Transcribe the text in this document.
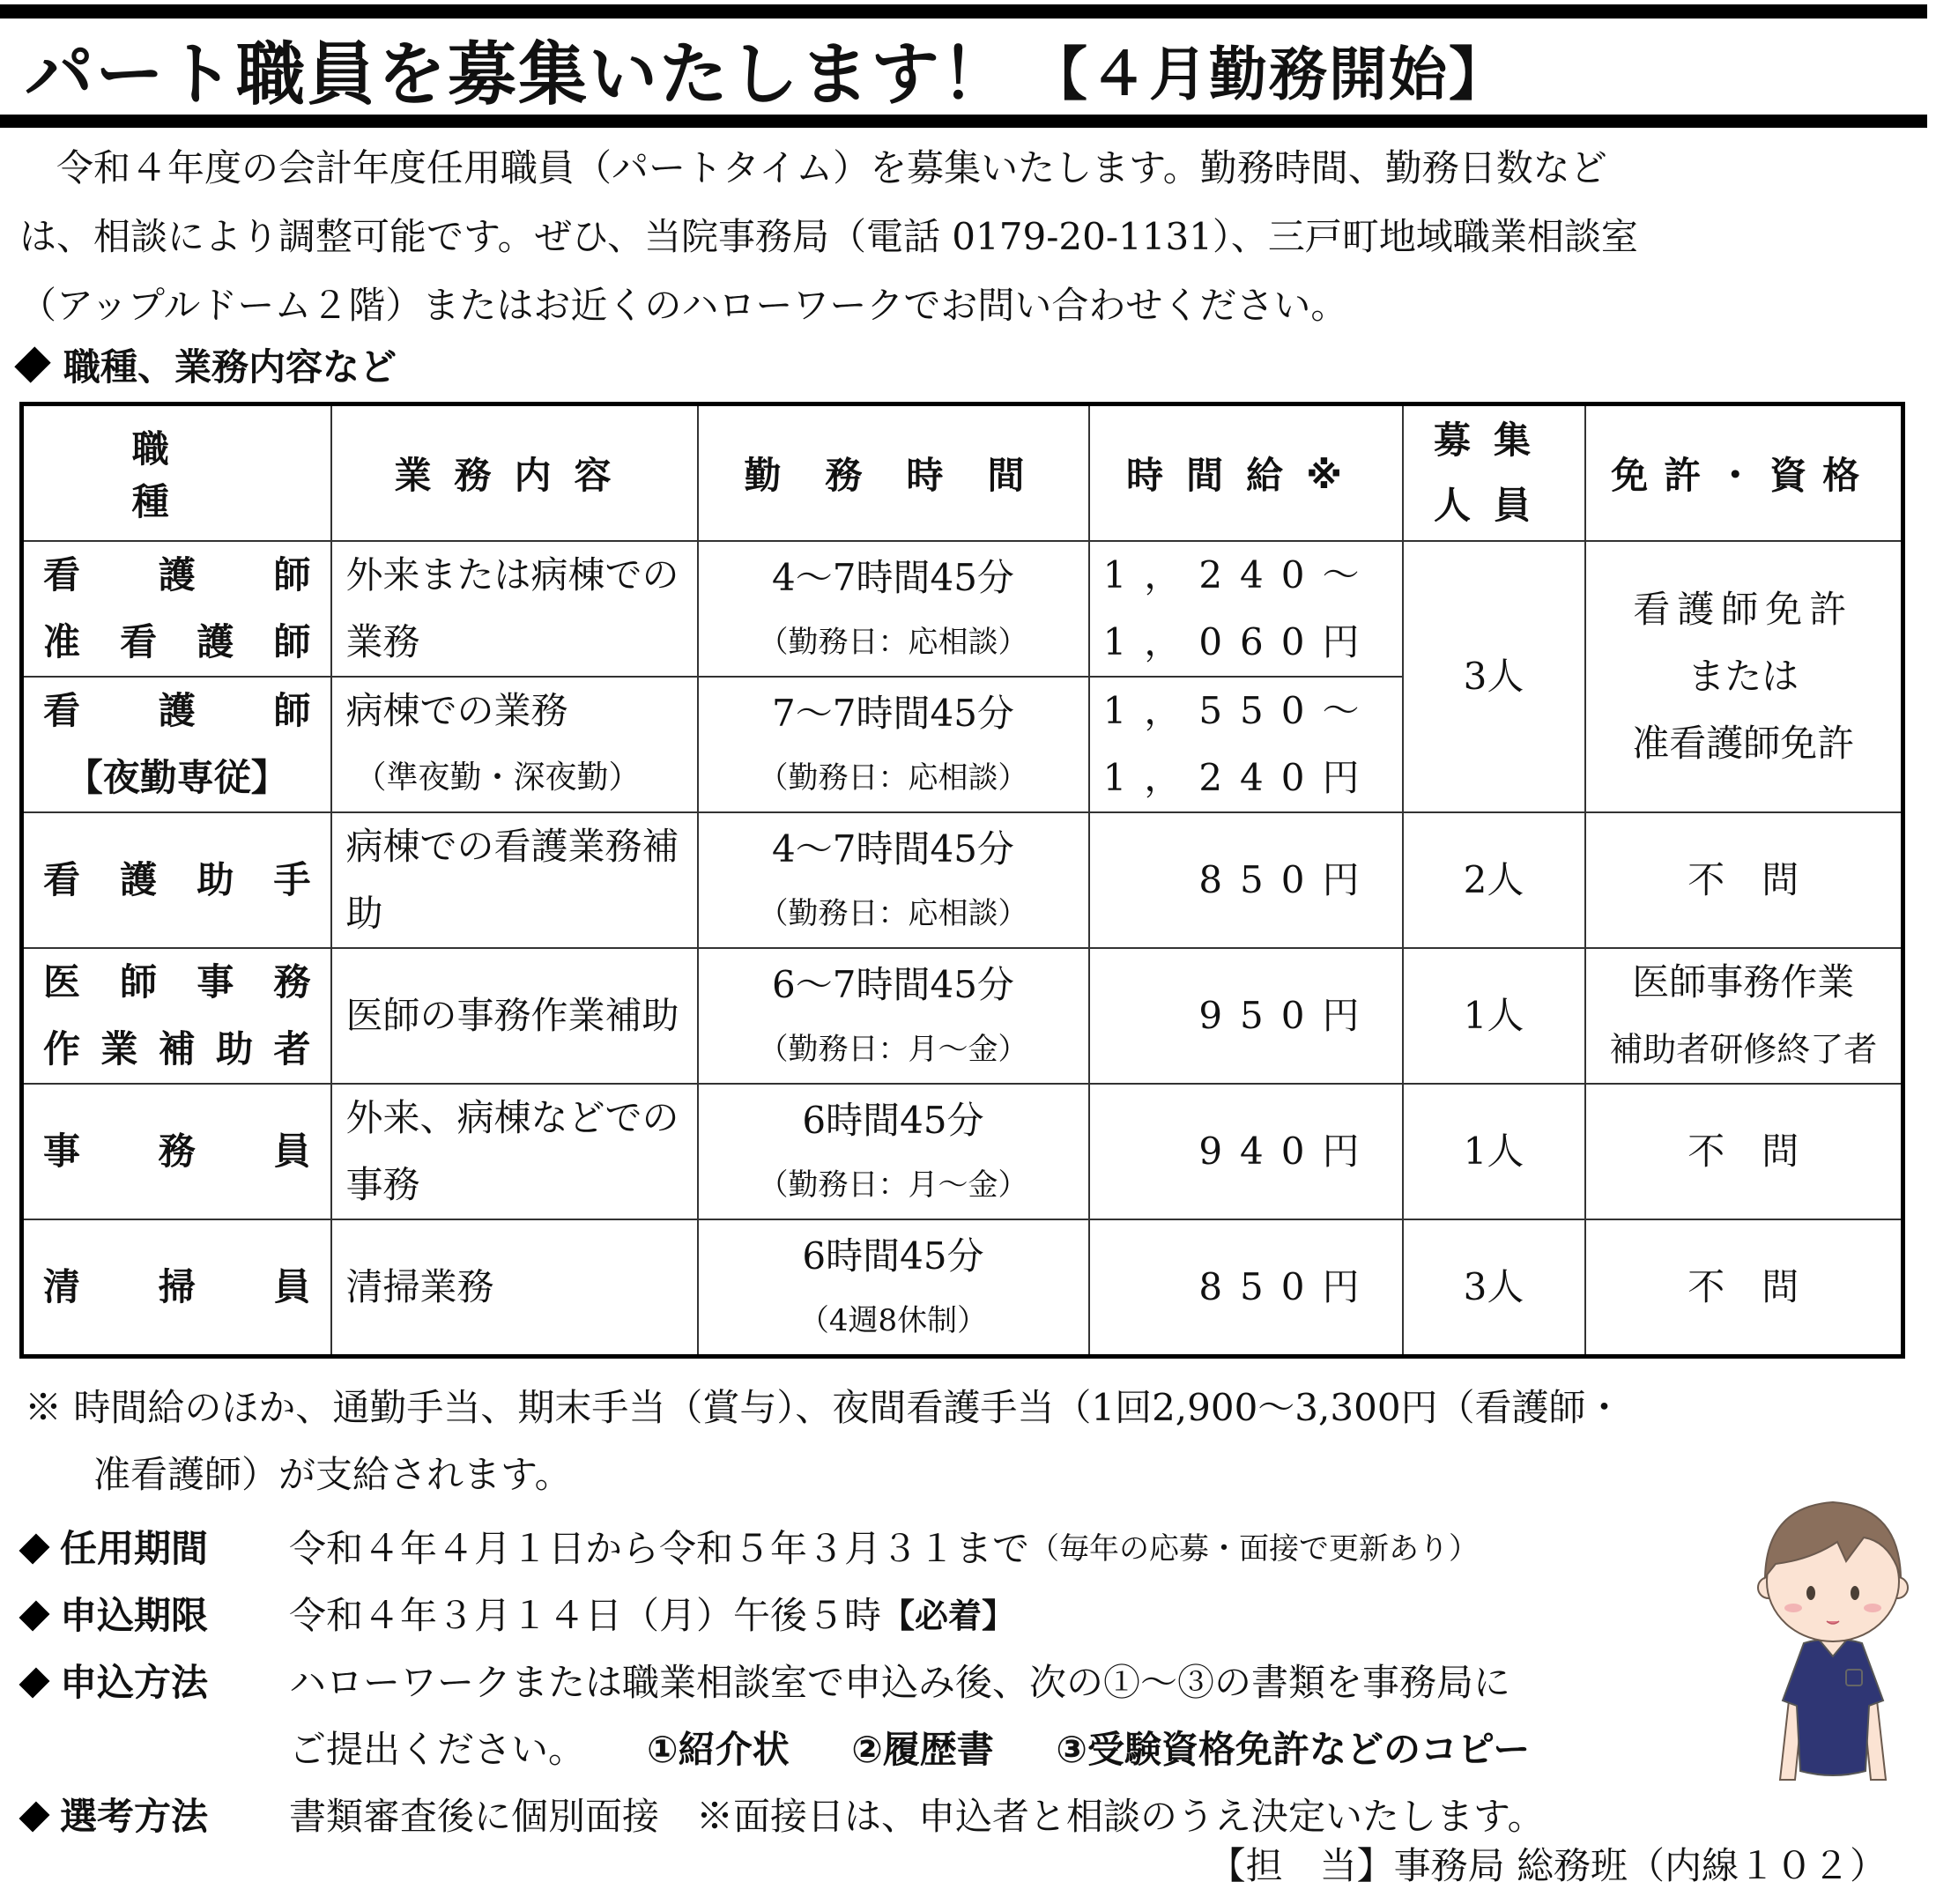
パート職員を募集いたします！ 【４月勤務開始】

　令和４年度の会計年度任用職員（パートタイム）を募集いたします。勤務時間、勤務日数など

は、相談により調整可能です。ぜひ、当院事務局（電話 0179-20-1131）、三戸町地域職業相談室

（アップルドーム２階）またはお近くのハローワークでお問い合わせください。

職種、業務内容など
職種	業務内容	勤務時間	時間給※	募集
人員	免許・資格

看　護　師
准看護師	外来または病棟での業務	4～7時間45分
（勤務日：応相談）	1，240～
1，060円	3人	看護師免許
または
准看護師免許

看　護　師
【夜勤専従】	病棟での業務
（準夜勤・深夜勤）	7～7時間45分
（勤務日：応相談）	1，550～
1，240円		

看護助手	病棟での看護業務補助	4～7時間45分
（勤務日：応相談）	850円	2人	不　問

医師事務
作業補助者	医師の事務作業補助	6～7時間45分
（勤務日：月～金）	950円	1人	医師事務作業
補助者研修終了者

事　務　員	外来、病棟などでの事務	6時間45分
（勤務日：月～金）	940円	1人	不　問

清　掃　員	清掃業務	6時間45分
（4週8休制）	850円	3人	不　問
※ 時間給のほか、通勤手当、期末手当（賞与）、夜間看護手当（1回2,900～3,300円（看護師・
准看護師）が支給されます。
任用期間 令和４年４月１日から令和５年３月３１まで （毎年の応募・面接で更新あり）
申込期限 令和４年３月１４日（月）午後５時 【必着】
申込方法 ハローワークまたは職業相談室で申込み後、次の①～③の書類を事務局に
ご提出ください。 ①紹介状 ②履歴書 ③受験資格免許などのコピー
選考方法 書類審査後に個別面接　※面接日は、申込者と相談のうえ決定いたします。
【担　当】事務局 総務班（内線１０２）
